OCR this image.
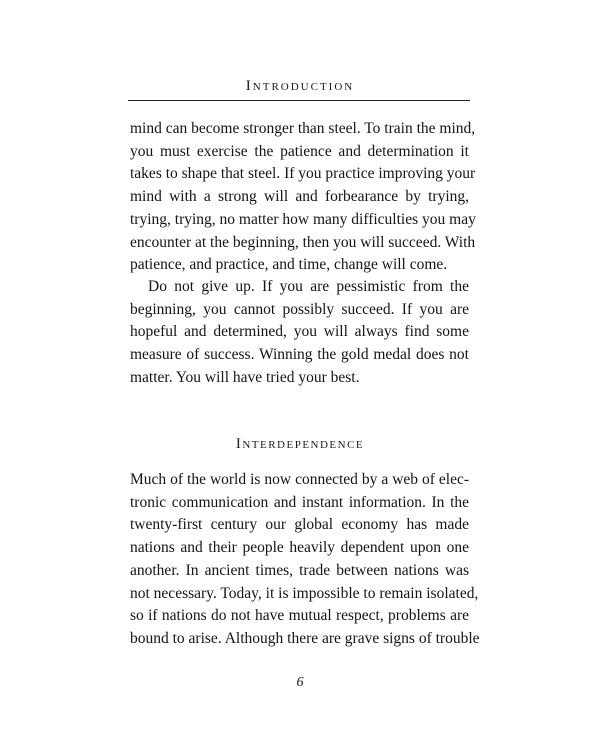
Introduction

mind can become stronger than steel. To train the mind,
you must exercise the patience and determination it
takes to shape that steel. If you practice improving your
mind with a strong will and forbearance by trying,
trying, trying, no matter how many difficulties you may
encounter at the beginning, then you will succeed. With
patience, and practice, and time, change will come.

Do not give up. If you are pessimistic from the
beginning, you cannot possibly succeed. If you are
hopeful and determined, you will always find some
measure of success. Winning the gold medal does not
matter. You will have tried your best.

Interdependence

Much of the world is now connected by a web of elec-
tronic communication and instant information. In the
twenty-first century our global economy has made
nations and their people heavily dependent upon one
another. In ancient times, trade between nations was
not necessary. Today, it is impossible to remain isolated,
so if nations do not have mutual respect, problems are
bound to arise. Although there are grave signs of trouble

6
